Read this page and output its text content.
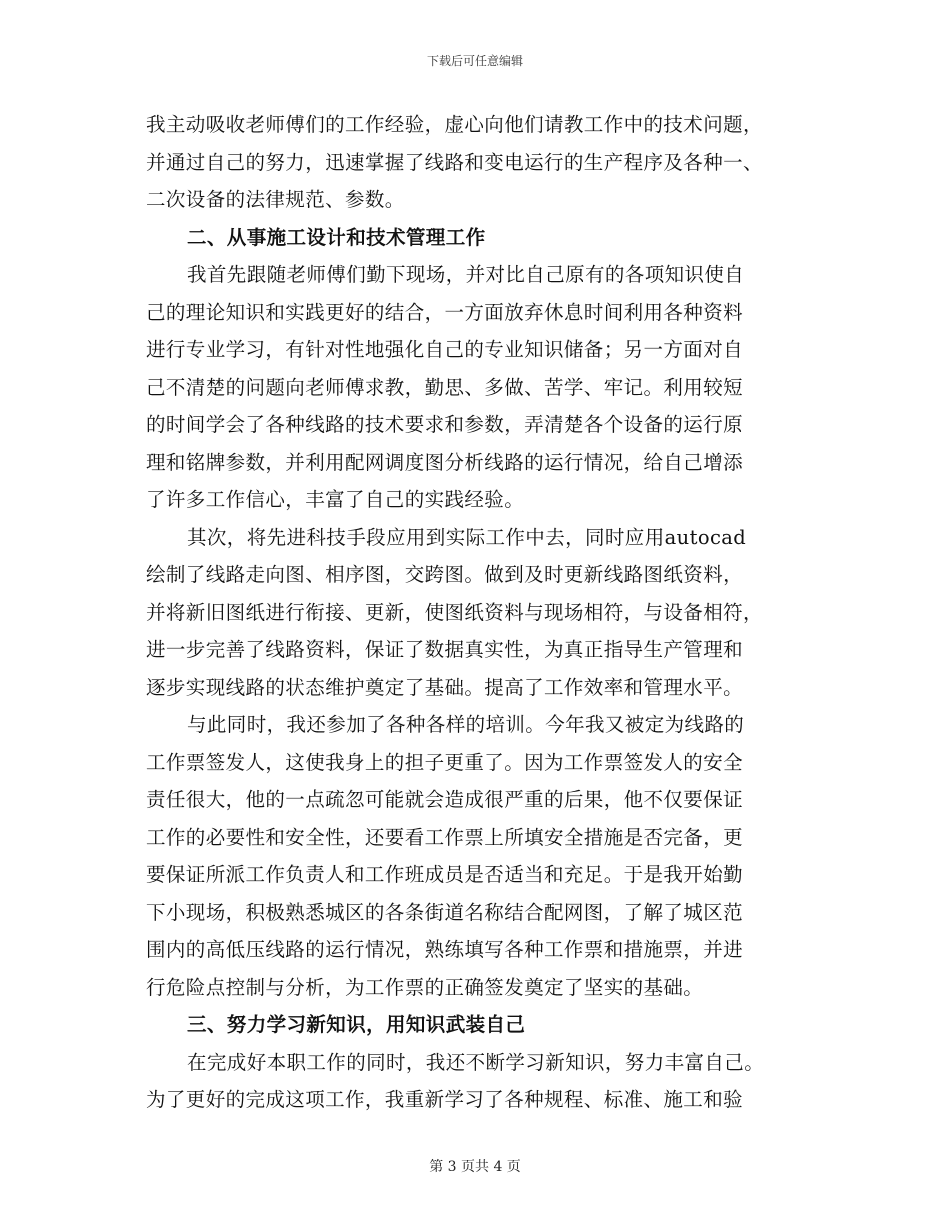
下载后可任意编辑
我主动吸收老师傅们的工作经验，虚心向他们请教工作中的技术问题，
并通过自己的努力，迅速掌握了线路和变电运行的生产程序及各种一、
二次设备的法律规范、参数。
二、从事施工设计和技术管理工作
我首先跟随老师傅们勤下现场，并对比自己原有的各项知识使自
己的理论知识和实践更好的结合，一方面放弃休息时间利用各种资料
进行专业学习，有针对性地强化自己的专业知识储备；另一方面对自
己不清楚的问题向老师傅求教，勤思、多做、苦学、牢记。利用较短
的时间学会了各种线路的技术要求和参数，弄清楚各个设备的运行原
理和铭牌参数，并利用配网调度图分析线路的运行情况，给自己增添
了许多工作信心，丰富了自己的实践经验。
其次，将先进科技手段应用到实际工作中去，同时应用autocad
绘制了线路走向图、相序图，交跨图。做到及时更新线路图纸资料，
并将新旧图纸进行衔接、更新，使图纸资料与现场相符，与设备相符，
进一步完善了线路资料，保证了数据真实性，为真正指导生产管理和
逐步实现线路的状态维护奠定了基础。提高了工作效率和管理水平。
与此同时，我还参加了各种各样的培训。今年我又被定为线路的
工作票签发人，这使我身上的担子更重了。因为工作票签发人的安全
责任很大，他的一点疏忽可能就会造成很严重的后果，他不仅要保证
工作的必要性和安全性，还要看工作票上所填安全措施是否完备，更
要保证所派工作负责人和工作班成员是否适当和充足。于是我开始勤
下小现场，积极熟悉城区的各条街道名称结合配网图，了解了城区范
围内的高低压线路的运行情况，熟练填写各种工作票和措施票，并进
行危险点控制与分析，为工作票的正确签发奠定了坚实的基础。
三、努力学习新知识，用知识武装自己
在完成好本职工作的同时，我还不断学习新知识，努力丰富自己。
为了更好的完成这项工作，我重新学习了各种规程、标准、施工和验
第 3 页共 4 页
